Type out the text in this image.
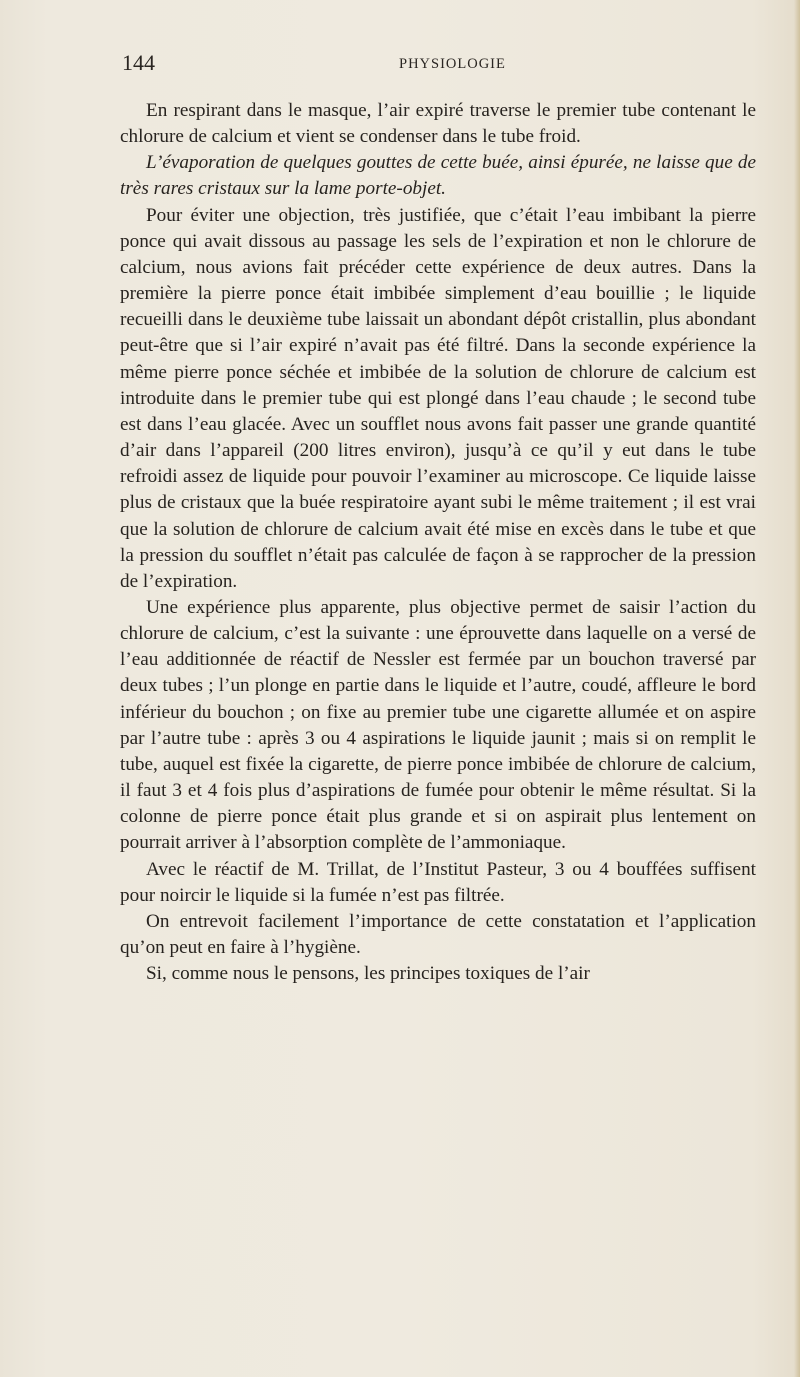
144	PHYSIOLOGIE

En respirant dans le masque, l’air expiré traverse le premier tube contenant le chlorure de calcium et vient se condenser dans le tube froid.

L’évaporation de quelques gouttes de cette buée, ainsi épurée, ne laisse que de très rares cristaux sur la lame porte-objet.

Pour éviter une objection, très justifiée, que c’était l’eau imbibant la pierre ponce qui avait dissous au passage les sels de l’expiration et non le chlorure de calcium, nous avions fait précéder cette expérience de deux autres. Dans la première la pierre ponce était imbibée simplement d’eau bouillie ; le liquide recueilli dans le deuxième tube laissait un abondant dépôt cristallin, plus abondant peut-être que si l’air expiré n’avait pas été filtré. Dans la seconde expérience la même pierre ponce séchée et imbibée de la solution de chlorure de calcium est introduite dans le premier tube qui est plongé dans l’eau chaude ; le second tube est dans l’eau glacée. Avec un soufflet nous avons fait passer une grande quantité d’air dans l’appareil (200 litres environ), jusqu’à ce qu’il y eut dans le tube refroidi assez de liquide pour pouvoir l’examiner au microscope. Ce liquide laisse plus de cristaux que la buée respiratoire ayant subi le même traitement ; il est vrai que la solution de chlorure de calcium avait été mise en excès dans le tube et que la pression du soufflet n’était pas calculée de façon à se rapprocher de la pression de l’expiration.

Une expérience plus apparente, plus objective permet de saisir l’action du chlorure de calcium, c’est la suivante : une éprouvette dans laquelle on a versé de l’eau additionnée de réactif de Nessler est fermée par un bouchon traversé par deux tubes ; l’un plonge en partie dans le liquide et l’autre, coudé, affleure le bord inférieur du bouchon ; on fixe au premier tube une cigarette allumée et on aspire par l’autre tube : après 3 ou 4 aspirations le liquide jaunit ; mais si on remplit le tube, auquel est fixée la cigarette, de pierre ponce imbibée de chlorure de calcium, il faut 3 et 4 fois plus d’aspirations de fumée pour obtenir le même résultat. Si la colonne de pierre ponce était plus grande et si on aspirait plus lentement on pourrait arriver à l’absorption complète de l’ammoniaque.

Avec le réactif de M. Trillat, de l’Institut Pasteur, 3 ou 4 bouffées suffisent pour noircir le liquide si la fumée n’est pas filtrée.

On entrevoit facilement l’importance de cette constatation et l’application qu’on peut en faire à l’hygiène.

Si, comme nous le pensons, les principes toxiques de l’air
